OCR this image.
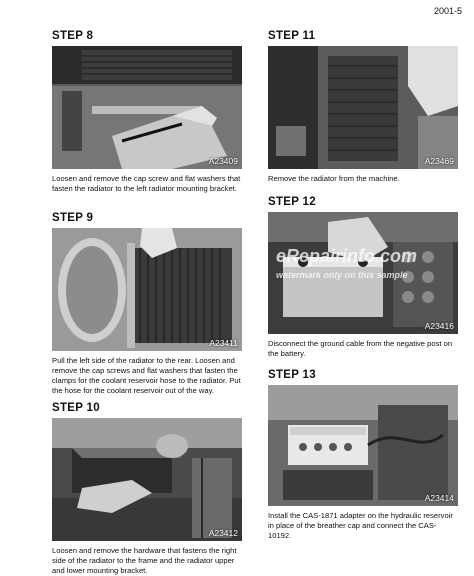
2001-5
STEP 8
A23409

Loosen and remove the cap screw and flat washers that fasten the radiator to the left radiator mounting bracket.

STEP 9
A23411

Pull the left side of the radiator to the rear. Loosen and remove the cap screws and flat washers that fasten the clamps for the coolant reservoir hose to the radiator. Put the hose for the coolant reservoir out of the way.

STEP 10
A23412

Loosen and remove the hardware that fastens the right side of the radiator to the frame and the radiator upper and lower mounting bracket.

STEP 11
A23469

Remove the radiator from the machine.

STEP 12
eRepairinfo.com
watermark only on this sample
A23416

Disconnect the ground cable from the negative post on the battery.

STEP 13
A23414

Install the CAS-1871 adapter on the hydraulic reservoir in place of the breather cap and connect the CAS-10192.
